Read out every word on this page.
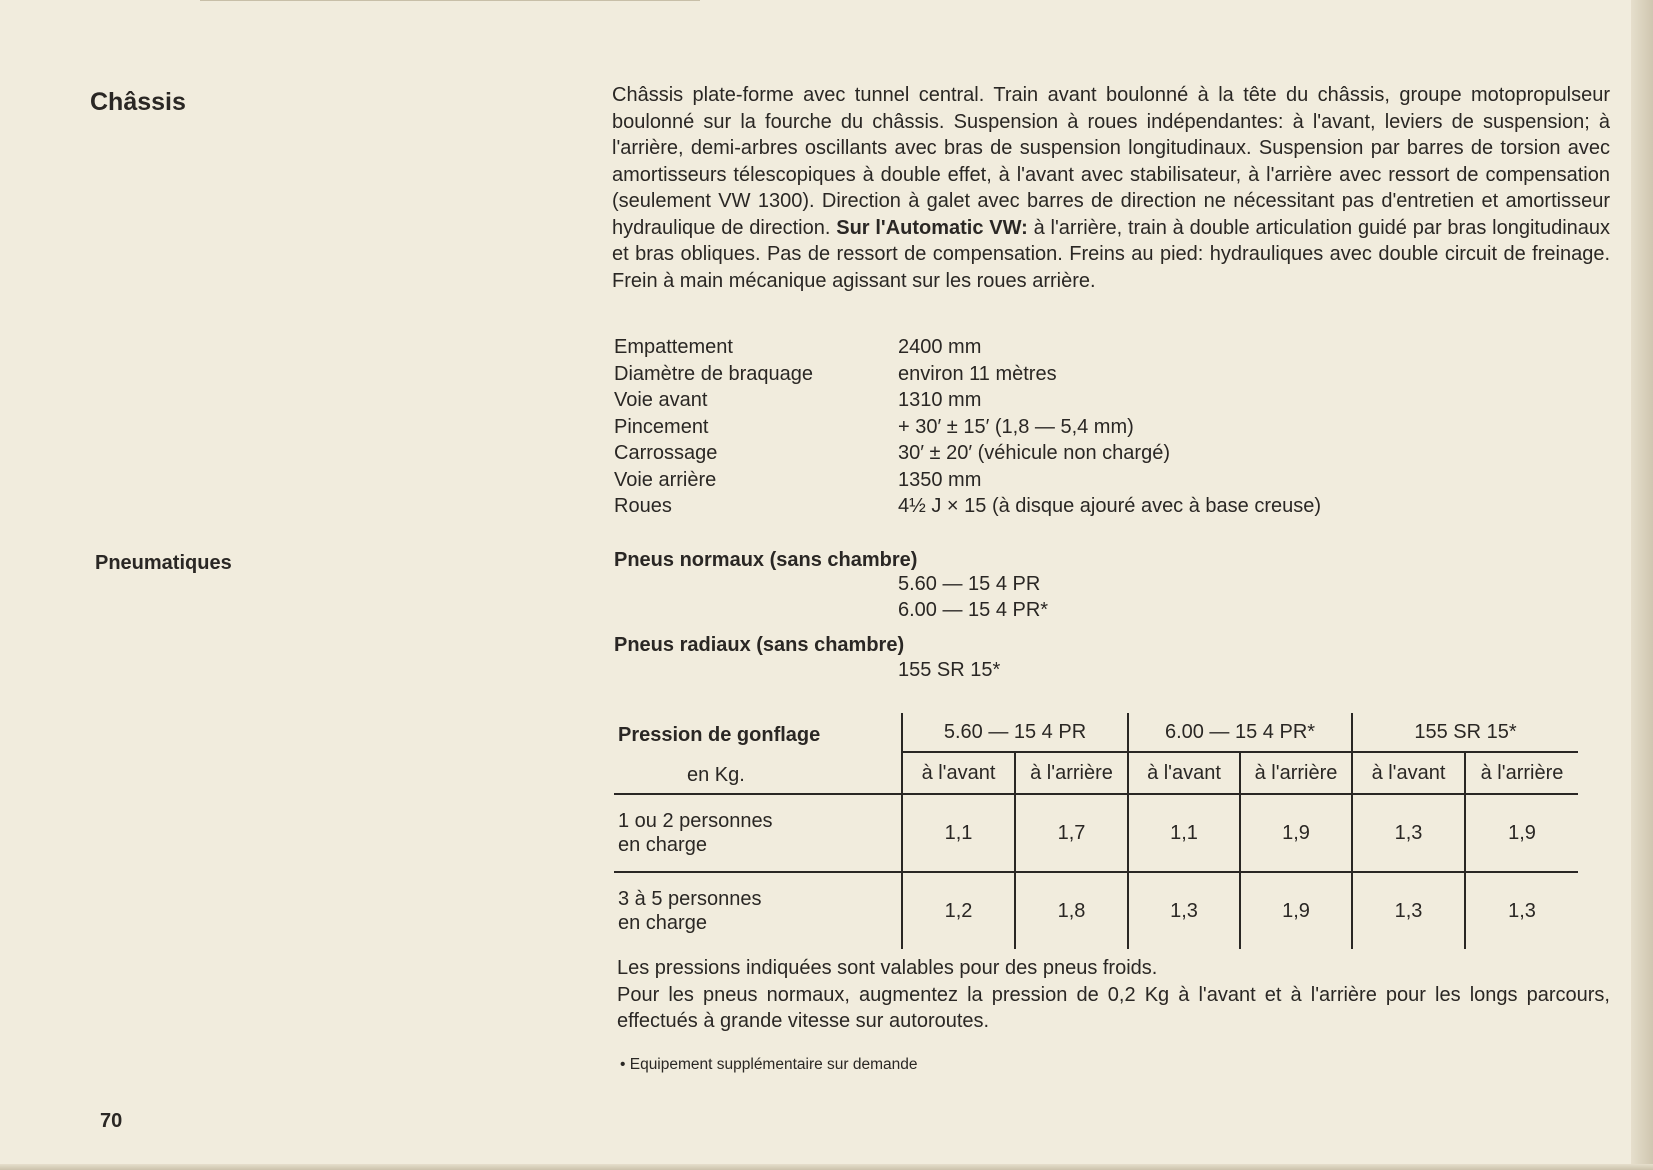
Châssis	Châssis plate-forme avec tunnel central. Train avant boulonné à la tête du châssis, groupe motopropulseur boulonné sur la fourche du châssis. Suspension à roues indépendantes: à l'avant, leviers de suspension; à l'arrière, demi-arbres oscillants avec bras de suspension longitudinaux. Suspension par barres de torsion avec amortisseurs télescopiques à double effet, à l'avant avec stabilisateur, à l'arrière avec ressort de compensation (seulement VW 1300). Direction à galet avec barres de direction ne nécessitant pas d'entretien et amortisseur hydraulique de direction. Sur l'Automatic VW: à l'arrière, train à double articulation guidé par bras longitudinaux et bras obliques. Pas de ressort de compensation. Freins au pied: hydrauliques avec double circuit de freinage. Frein à main mécanique agissant sur les roues arrière.

Empattement	2400 mm
Diamètre de braquage	environ 11 mètres
Voie avant	1310 mm
Pincement	+ 30′ ± 15′ (1,8 — 5,4 mm)
Carrossage	30′ ± 20′ (véhicule non chargé)
Voie arrière	1350 mm
Roues	4½ J × 15 (à disque ajouré avec à base creuse)
Pneumatiques	Pneus normaux (sans chambre)
5.60 — 15 4 PR
6.00 — 15 4 PR*
Pneus radiaux (sans chambre)
155 SR 15*
Pression de gonflage	5.60 — 15 4 PR		6.00 — 15 4 PR*		155 SR 15*	
en Kg.	à l'avant	à l'arrière	à l'avant	à l'arrière	à l'avant	à l'arrière

1 ou 2 personnes
en charge	1,1	1,7	1,1	1,9	1,3	1,9

3 à 5 personnes
en charge	1,2	1,8	1,3	1,9	1,3	1,3
Les pressions indiquées sont valables pour des pneus froids.
Pour les pneus normaux, augmentez la pression de 0,2 Kg à l'avant et à l'arrière pour les longs parcours, effectués à grande vitesse sur autoroutes.
• Equipement supplémentaire sur demande
70
